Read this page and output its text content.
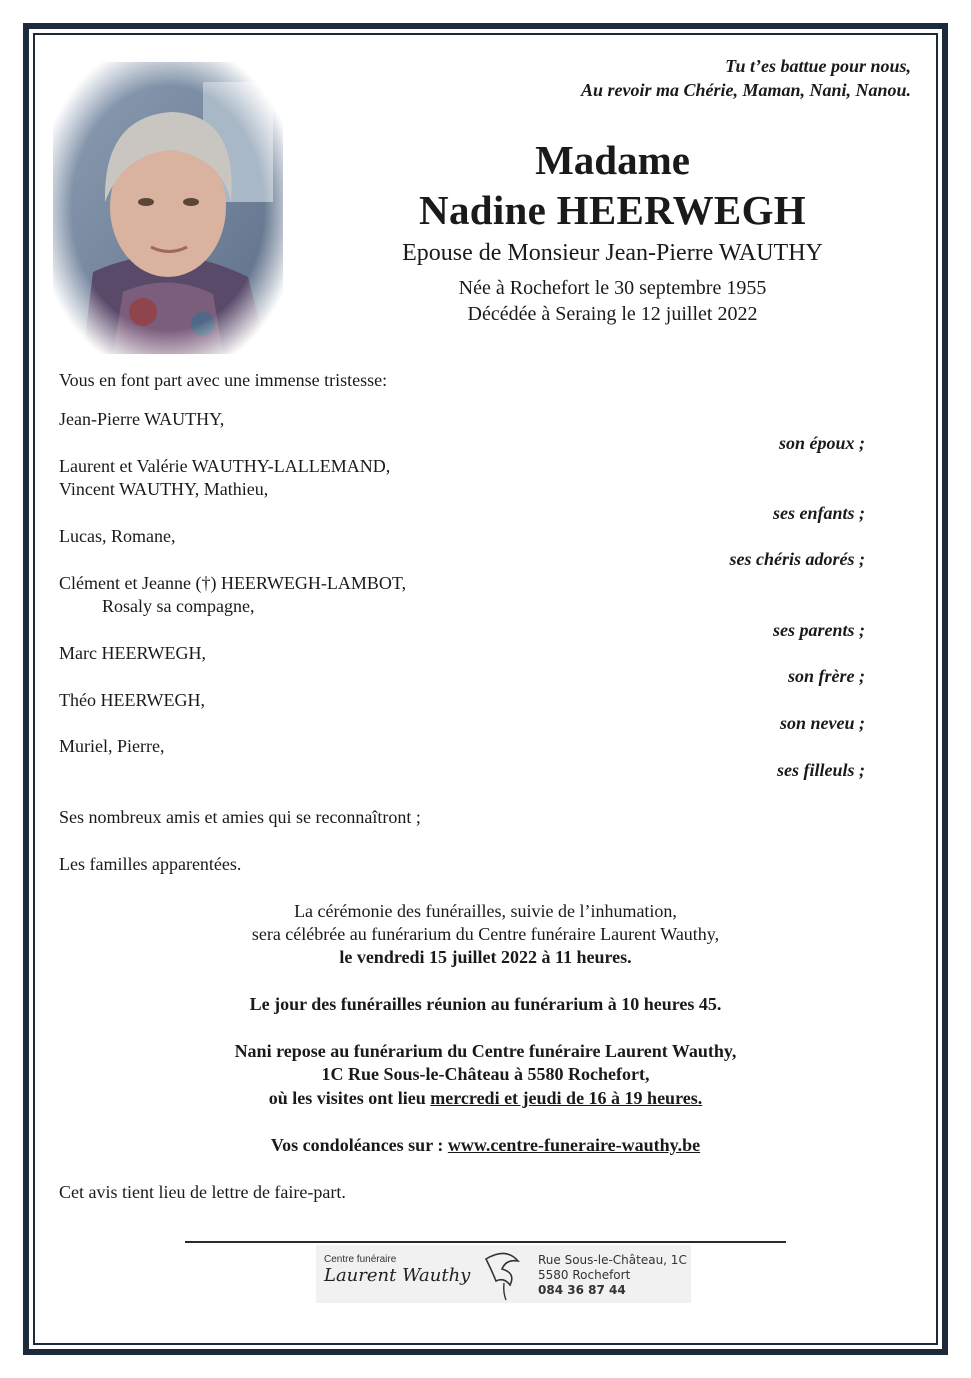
Tu t’es battue pour nous,
Au revoir ma Chérie, Maman, Nani, Nanou.
Madame
Nadine HEERWEGH
Epouse de Monsieur Jean-Pierre WAUTHY
Née à Rochefort le 30 septembre 1955
Décédée à Seraing le 12 juillet 2022
Vous en font part avec une immense tristesse:
Jean-Pierre WAUTHY,
son époux ;
Laurent et Valérie WAUTHY-LALLEMAND,
Vincent WAUTHY, Mathieu,
ses enfants ;
Lucas, Romane,
ses chéris adorés ;
Clément et Jeanne (†) HEERWEGH-LAMBOT,
Rosaly sa compagne,
ses parents ;
Marc HEERWEGH,
son frère ;
Théo HEERWEGH,
son neveu ;
Muriel, Pierre,
ses filleuls ;
Ses nombreux amis et amies qui se reconnaîtront ;
Les familles apparentées.
La cérémonie des funérailles, suivie de l’inhumation,
sera célébrée au funérarium du Centre funéraire Laurent Wauthy,
le vendredi 15 juillet 2022 à 11 heures.
Le jour des funérailles réunion au funérarium à 10 heures 45.
Nani repose au funérarium du Centre funéraire Laurent Wauthy,
1C Rue Sous-le-Château à 5580 Rochefort,
où les visites ont lieu mercredi et jeudi de 16 à 19 heures.
Vos condoléances sur : www.centre-funeraire-wauthy.be
Cet avis tient lieu de lettre de faire-part.
Centre funéraire
Laurent Wauthy
Rue Sous-le-Château, 1C
5580 Rochefort
084 36 87 44
